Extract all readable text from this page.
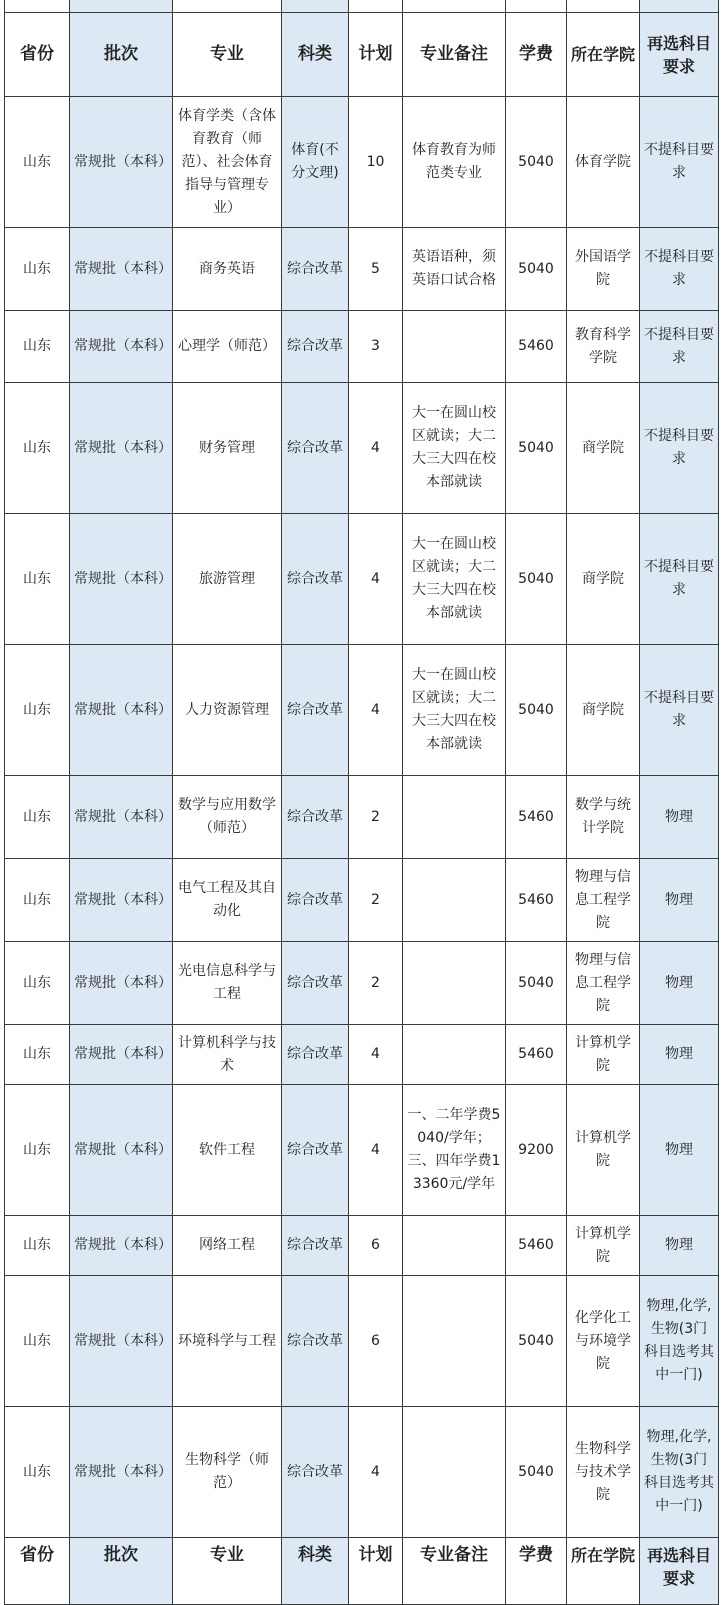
省份	批次	专业	科类	计划	专业备注	学费	所在学院	再选科目要求
山东	常规批（本科）	体育学类（含体育教育（师范）、社会体育指导与管理专业）	体育(不分文理)	10	体育教育为师范类专业	5040	体育学院	不提科目要求
山东	常规批（本科）	商务英语	综合改革	5	英语语种，须英语口试合格	5040	外国语学院	不提科目要求
山东	常规批（本科）	心理学（师范）	综合改革	3		5460	教育科学学院	不提科目要求
山东	常规批（本科）	财务管理	综合改革	4	大一在圆山校区就读；大二大三大四在校本部就读	5040	商学院	不提科目要求
山东	常规批（本科）	旅游管理	综合改革	4	大一在圆山校区就读；大二大三大四在校本部就读	5040	商学院	不提科目要求
山东	常规批（本科）	人力资源管理	综合改革	4	大一在圆山校区就读；大二大三大四在校本部就读	5040	商学院	不提科目要求
山东	常规批（本科）	数学与应用数学（师范）	综合改革	2		5460	数学与统计学院	物理
山东	常规批（本科）	电气工程及其自动化	综合改革	2		5460	物理与信息工程学院	物理
山东	常规批（本科）	光电信息科学与工程	综合改革	2		5040	物理与信息工程学院	物理
山东	常规批（本科）	计算机科学与技术	综合改革	4		5460	计算机学院	物理
山东	常规批（本科）	软件工程	综合改革	4	一、二年学费5040/学年；三、四年学费13360元/学年	9200	计算机学院	物理
山东	常规批（本科）	网络工程	综合改革	6		5460	计算机学院	物理
山东	常规批（本科）	环境科学与工程	综合改革	6		5040	化学化工与环境学院	物理,化学,生物(3门科目选考其中一门)
山东	常规批（本科）	生物科学（师范）	综合改革	4		5040	生物科学与技术学院	物理,化学,生物(3门科目选考其中一门)
省份	批次	专业	科类	计划	专业备注	学费	所在学院	再选科目要求
